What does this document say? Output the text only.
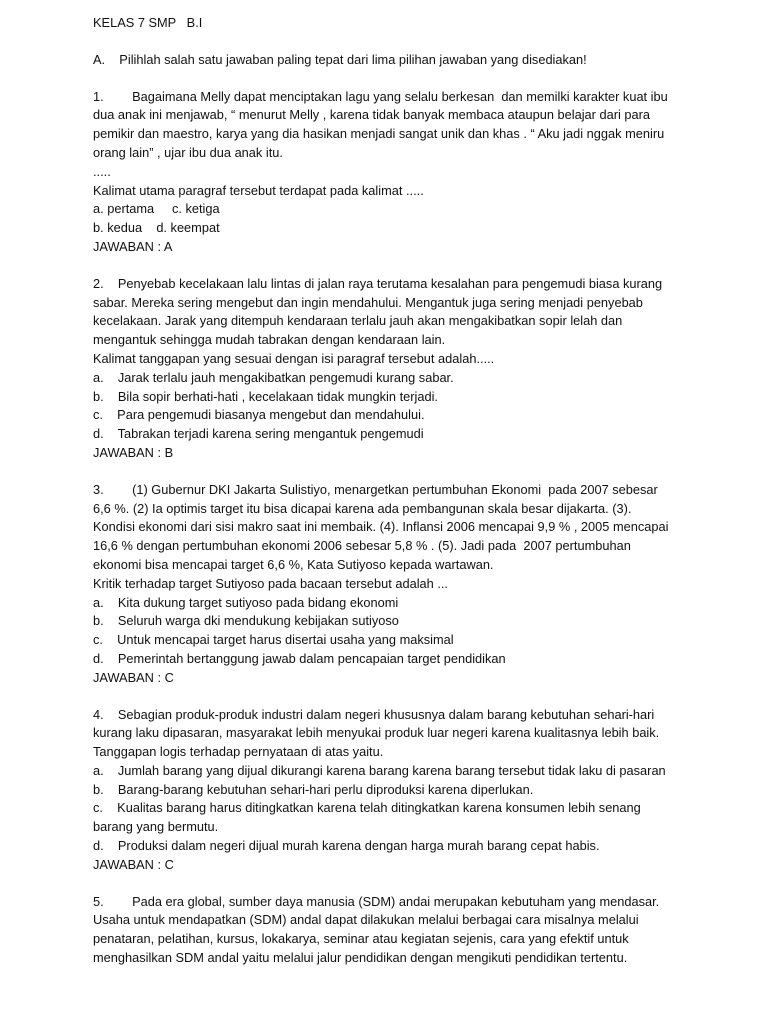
KELAS 7 SMP   B.I
A.    Pilihlah salah satu jawaban paling tepat dari lima pilihan jawaban yang disediakan!
1.        Bagaimana Melly dapat menciptakan lagu yang selalu berkesan  dan memilki karakter kuat ibu
dua anak ini menjawab, “ menurut Melly , karena tidak banyak membaca ataupun belajar dari para
pemikir dan maestro, karya yang dia hasikan menjadi sangat unik dan khas . “ Aku jadi nggak meniru
orang lain” , ujar ibu dua anak itu.
.....
Kalimat utama paragraf tersebut terdapat pada kalimat .....
a. pertama     c. ketiga
b. kedua    d. keempat
JAWABAN : A
2.    Penyebab kecelakaan lalu lintas di jalan raya terutama kesalahan para pengemudi biasa kurang
sabar. Mereka sering mengebut dan ingin mendahului. Mengantuk juga sering menjadi penyebab
kecelakaan. Jarak yang ditempuh kendaraan terlalu jauh akan mengakibatkan sopir lelah dan
mengantuk sehingga mudah tabrakan dengan kendaraan lain.
Kalimat tanggapan yang sesuai dengan isi paragraf tersebut adalah.....
a.    Jarak terlalu jauh mengakibatkan pengemudi kurang sabar.
b.    Bila sopir berhati-hati , kecelakaan tidak mungkin terjadi.
c.    Para pengemudi biasanya mengebut dan mendahului.
d.    Tabrakan terjadi karena sering mengantuk pengemudi
JAWABAN : B
3.        (1) Gubernur DKI Jakarta Sulistiyo, menargetkan pertumbuhan Ekonomi  pada 2007 sebesar
6,6 %. (2) Ia optimis target itu bisa dicapai karena ada pembangunan skala besar dijakarta. (3).
Kondisi ekonomi dari sisi makro saat ini membaik. (4). Inflansi 2006 mencapai 9,9 % , 2005 mencapai
16,6 % dengan pertumbuhan ekonomi 2006 sebesar 5,8 % . (5). Jadi pada  2007 pertumbuhan
ekonomi bisa mencapai target 6,6 %, Kata Sutiyoso kepada wartawan.
Kritik terhadap target Sutiyoso pada bacaan tersebut adalah ...
a.    Kita dukung target sutiyoso pada bidang ekonomi
b.    Seluruh warga dki mendukung kebijakan sutiyoso
c.    Untuk mencapai target harus disertai usaha yang maksimal
d.    Pemerintah bertanggung jawab dalam pencapaian target pendidikan
JAWABAN : C
4.    Sebagian produk-produk industri dalam negeri khususnya dalam barang kebutuhan sehari-hari
kurang laku dipasaran, masyarakat lebih menyukai produk luar negeri karena kualitasnya lebih baik.
Tanggapan logis terhadap pernyataan di atas yaitu.
a.    Jumlah barang yang dijual dikurangi karena barang karena barang tersebut tidak laku di pasaran
b.    Barang-barang kebutuhan sehari-hari perlu diproduksi karena diperlukan.
c.    Kualitas barang harus ditingkatkan karena telah ditingkatkan karena konsumen lebih senang
barang yang bermutu.
d.    Produksi dalam negeri dijual murah karena dengan harga murah barang cepat habis.
JAWABAN : C
5.        Pada era global, sumber daya manusia (SDM) andai merupakan kebutuham yang mendasar.
Usaha untuk mendapatkan (SDM) andal dapat dilakukan melalui berbagai cara misalnya melalui
penataran, pelatihan, kursus, lokakarya, seminar atau kegiatan sejenis, cara yang efektif untuk
menghasilkan SDM andal yaitu melalui jalur pendidikan dengan mengikuti pendidikan tertentu.
